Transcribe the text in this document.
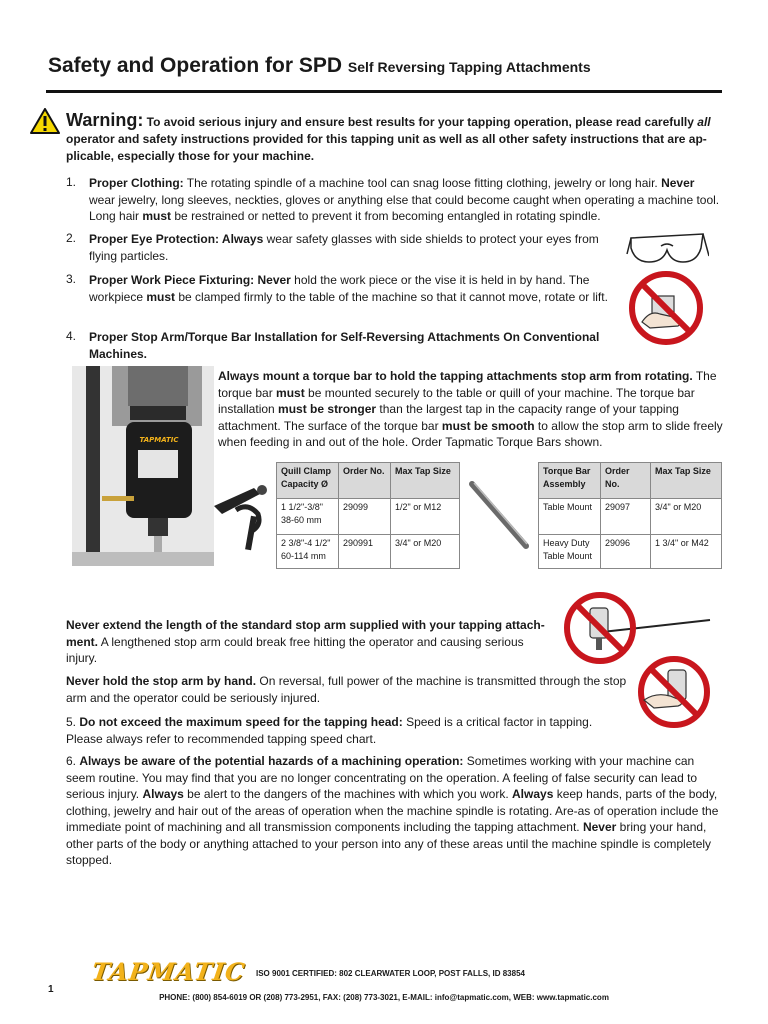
Safety and Operation for SPD Self Reversing Tapping Attachments
Warning: To avoid serious injury and ensure best results for your tapping operation, please read carefully all operator and safety instructions provided for this tapping unit as well as all other safety instructions that are ap-plicable, especially those for your machine.
1. Proper Clothing: The rotating spindle of a machine tool can snag loose fitting clothing, jewelry or long hair. Never wear jewelry, long sleeves, neckties, gloves or anything else that could become caught when operating a machine tool. Long hair must be restrained or netted to prevent it from becoming entangled in rotating spindle.
2. Proper Eye Protection: Always wear safety glasses with side shields to protect your eyes from flying particles.
3. Proper Work Piece Fixturing: Never hold the work piece or the vise it is held in by hand. The workpiece must be clamped firmly to the table of the machine so that it cannot move, rotate or lift.
4. Proper Stop Arm/Torque Bar Installation for Self-Reversing Attachments On Conventional Machines.
TAPMATIC
Always mount a torque bar to hold the tapping attachments stop arm from rotating. The torque bar must be mounted securely to the table or quill of your machine. The torque bar installation must be stronger than the largest tap in the capacity range of your tapping attachment. The surface of the torque bar must be smooth to allow the stop arm to slide freely when feeding in and out of the hole. Order Tapmatic Torque Bars shown.
Quill Clamp Capacity Ø	Order No.	Max Tap Size
1 1/2"-3/8" 38-60 mm	29099	1/2" or M12
2 3/8"-4 1/2" 60-114 mm	290991	3/4" or M20
Torque Bar Assembly	Order No.	Max Tap Size
Table Mount	29097	3/4" or M20
Heavy Duty Table Mount	29096	1 3/4" or M42
Never extend the length of the standard stop arm supplied with your tapping attach-ment. A lengthened stop arm could break free hitting the operator and causing serious injury.
Never hold the stop arm by hand. On reversal, full power of the machine is transmitted through the stop arm and the operator could be seriously injured.
5. Do not exceed the maximum speed for the tapping head: Speed is a critical factor in tapping. Please always refer to recommended tapping speed chart.
6. Always be aware of the potential hazards of a machining operation: Sometimes working with your machine can seem routine. You may find that you are no longer concentrating on the operation. A feeling of false security can lead to serious injury. Always be alert to the dangers of the machines with which you work. Always keep hands, parts of the body, clothing, jewelry and hair out of the areas of operation when the machine spindle is rotating. Are-as of operation include the immediate point of machining and all transmission components including the tapping attachment. Never bring your hand, other parts of the body or anything attached to your person into any of these areas until the machine spindle is completely stopped.
TAPMATIC ISO 9001 CERTIFIED: 802 CLEARWATER LOOP, POST FALLS, ID 83854
1
PHONE: (800) 854-6019 OR (208) 773-2951, FAX: (208) 773-3021, E-MAIL: info@tapmatic.com, WEB: www.tapmatic.com
